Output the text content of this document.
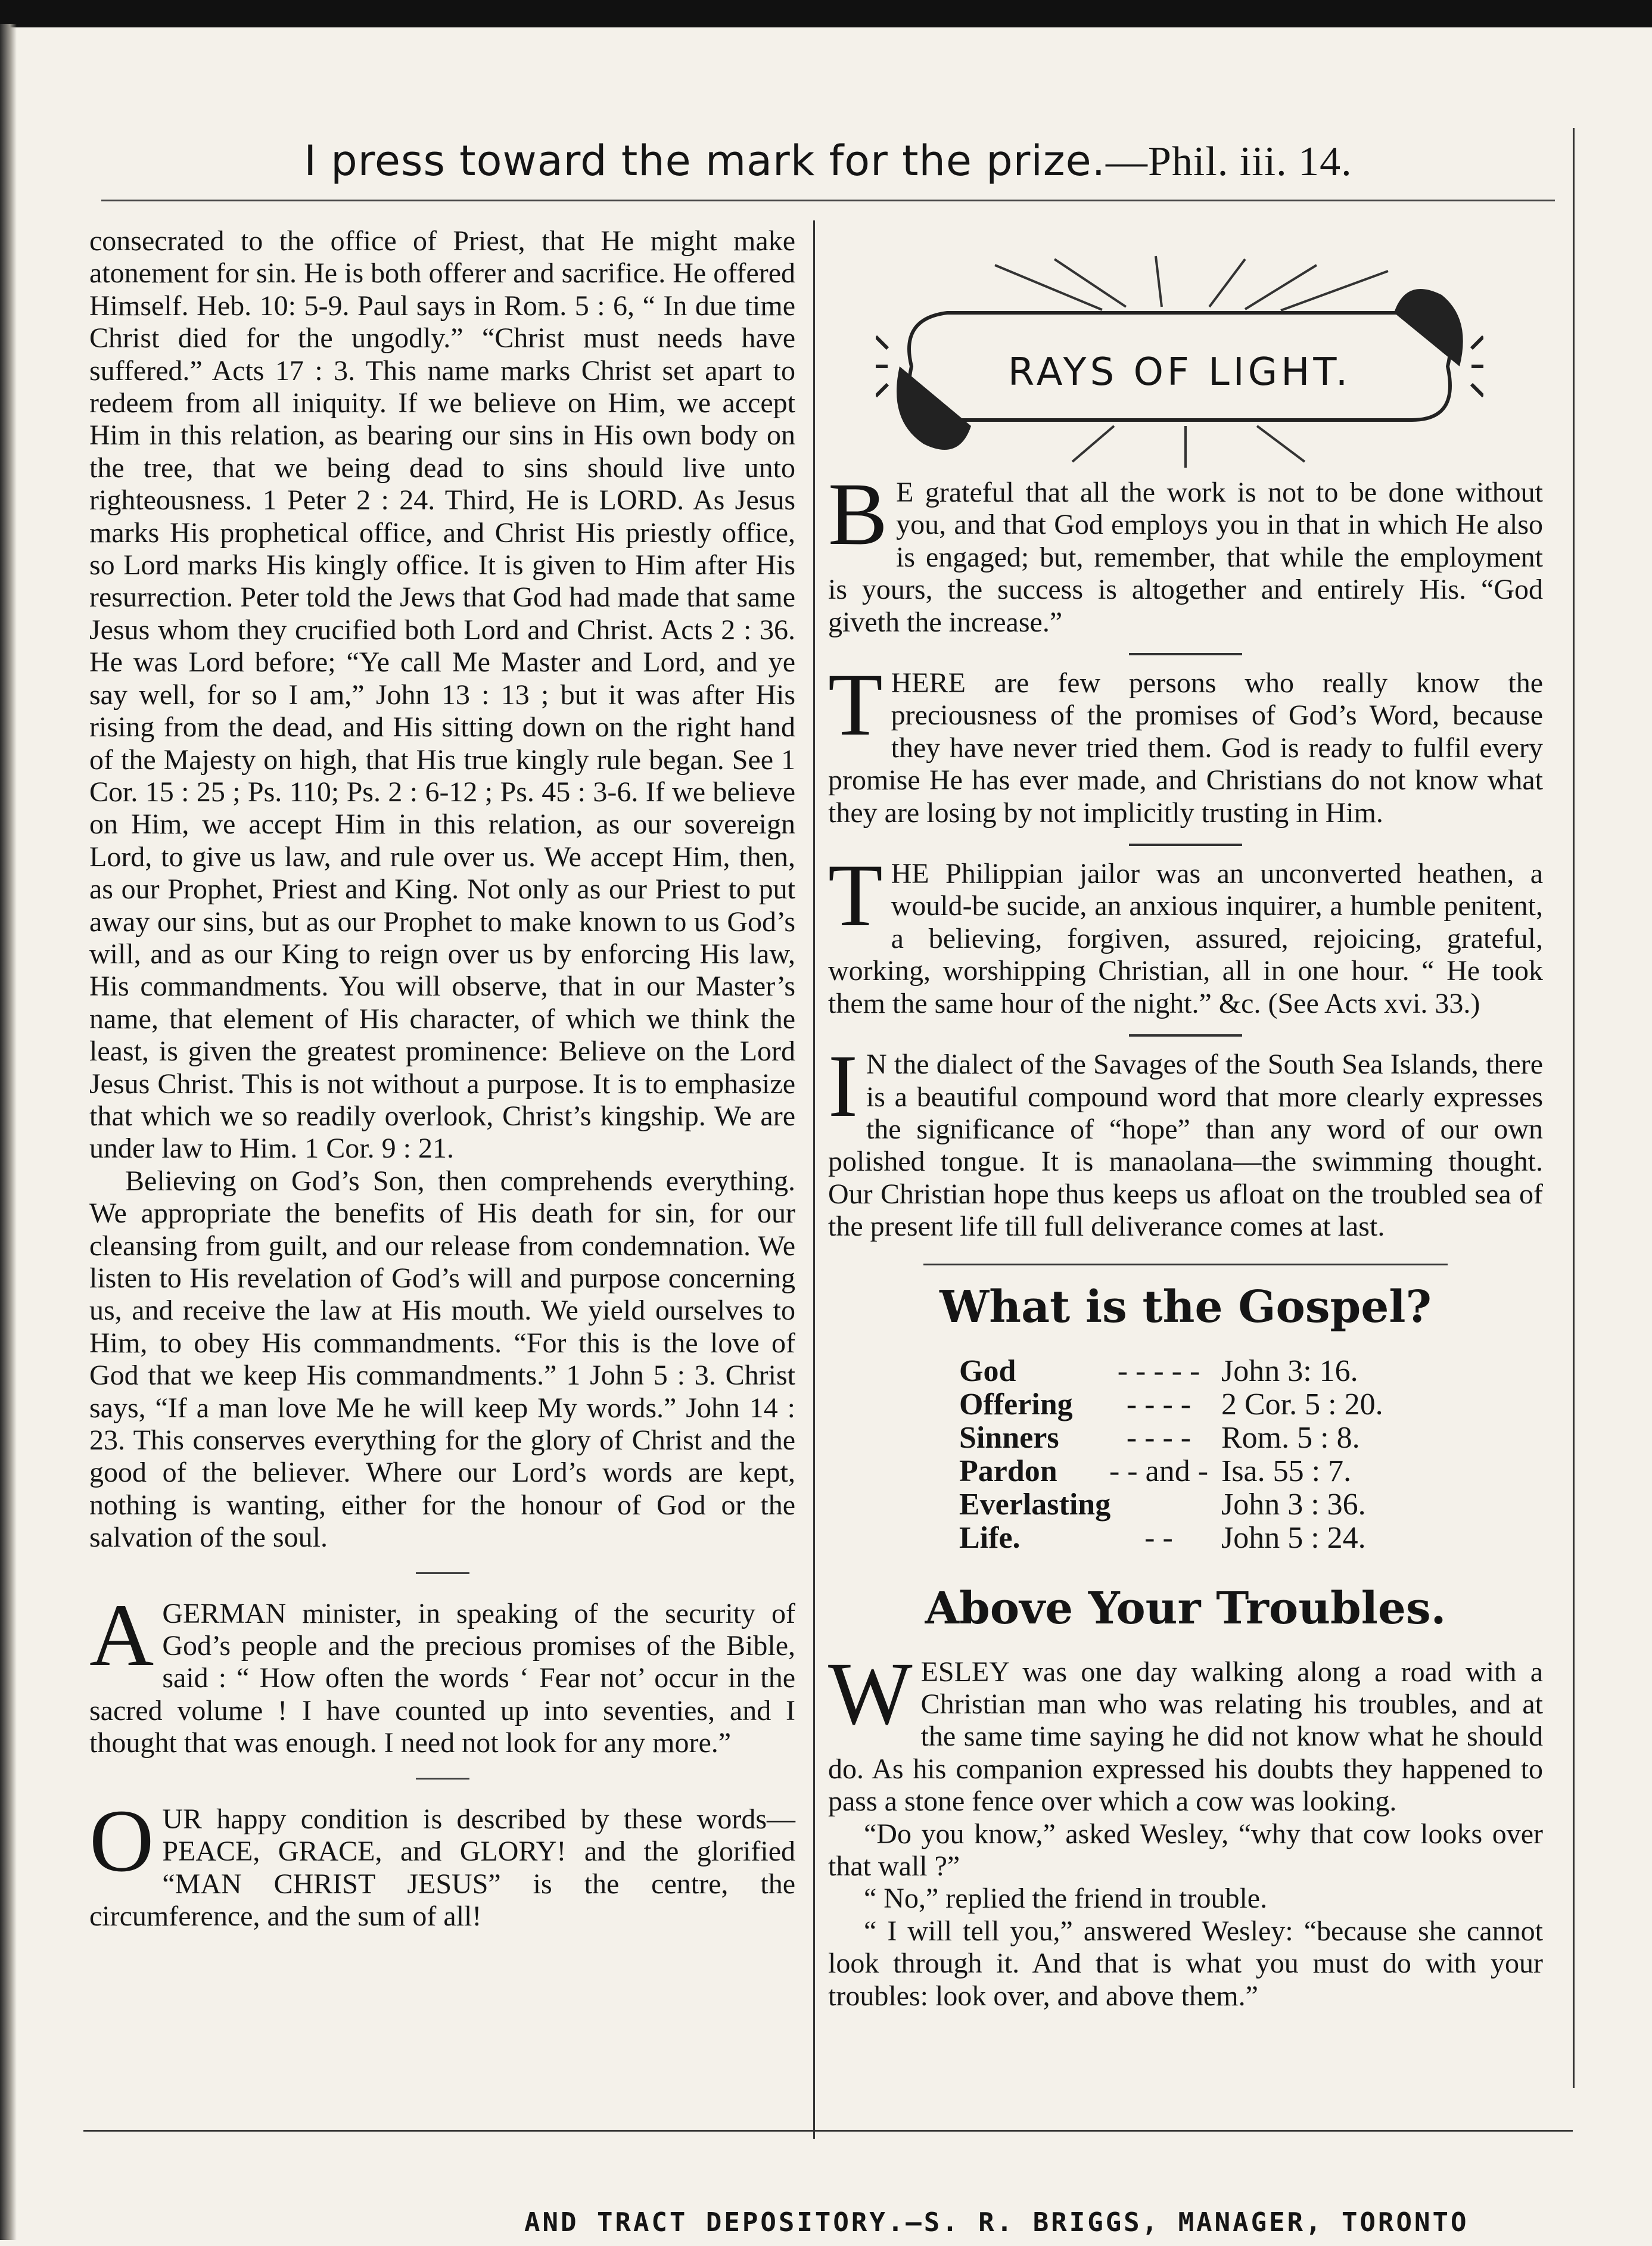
I press toward the mark for the prize.—Phil. iii. 14.

consecrated to the office of Priest, that He might make atonement for sin. He is both offerer and sacrifice. He offered Himself. Heb. 10: 5-9. Paul says in Rom. 5 : 6, “ In due time Christ died for the ungodly.” “Christ must needs have suffered.” Acts 17 : 3. This name marks Christ set apart to redeem from all iniquity. If we believe on Him, we accept Him in this relation, as bearing our sins in His own body on the tree, that we being dead to sins should live unto righteousness. 1 Peter 2 : 24. Third, He is LORD. As Jesus marks His prophetical office, and Christ His priestly office, so Lord marks His kingly office. It is given to Him after His resurrection. Peter told the Jews that God had made that same Jesus whom they crucified both Lord and Christ. Acts 2 : 36. He was Lord before; “Ye call Me Master and Lord, and ye say well, for so I am,” John 13 : 13 ; but it was after His rising from the dead, and His sitting down on the right hand of the Majesty on high, that His true kingly rule began. See 1 Cor. 15 : 25 ; Ps. 110; Ps. 2 : 6-12 ; Ps. 45 : 3-6. If we believe on Him, we accept Him in this relation, as our sovereign Lord, to give us law, and rule over us. We accept Him, then, as our Prophet, Priest and King. Not only as our Priest to put away our sins, but as our Prophet to make known to us God’s will, and as our King to reign over us by enforcing His law, His commandments. You will observe, that in our Master’s name, that element of His character, of which we think the least, is given the greatest prominence: Believe on the Lord Jesus Christ. This is not without a purpose. It is to emphasize that which we so readily overlook, Christ’s kingship. We are under law to Him. 1 Cor. 9 : 21.

Believing on God’s Son, then comprehends everything. We appropriate the benefits of His death for sin, for our cleansing from guilt, and our release from condemnation. We listen to His revelation of God’s will and purpose concerning us, and receive the law at His mouth. We yield ourselves to Him, to obey His commandments. “For this is the love of God that we keep His commandments.” 1 John 5 : 3. Christ says, “If a man love Me he will keep My words.” John 14 : 23. This conserves everything for the glory of Christ and the good of the believer. Where our Lord’s words are kept, nothing is wanting, either for the honour of God or the salvation of the soul.

AGERMAN minister, in speaking of the security of God’s people and the precious promises of the Bible, said : “ How often the words ‘ Fear not’ occur in the sacred volume ! I have counted up into seventies, and I thought that was enough. I need not look for any more.”

OUR happy condition is described by these words—PEACE, GRACE, and GLORY! and the glorified “MAN CHRIST JESUS” is the centre, the circumference, and the sum of all!

RAYS OF LIGHT.

B E grateful that all the work is not to be done without you, and that God employs you in that in which He also is engaged; but, remember, that while the employment is yours, the success is altogether and entirely His. “God giveth the increase.”

THERE are few persons who really know the preciousness of the promises of God’s Word, because they have never tried them. God is ready to fulfil every promise He has ever made, and Christians do not know what they are losing by not implicitly trusting in Him.

THE Philippian jailor was an unconverted heathen, a would-be sucide, an anxious inquirer, a humble penitent, a believing, forgiven, assured, rejoicing, grateful, working, worshipping Christian, all in one hour. “ He took them the same hour of the night.” &c. (See Acts xvi. 33.)

I N the dialect of the Savages of the South Sea Islands, there is a beautiful compound word that more clearly expresses the significance of “hope” than any word of our own polished tongue. It is manaolana—the swimming thought. Our Christian hope thus keeps us afloat on the troubled sea of the present life till full deliverance comes at last.

What is the Gospel?
God	- - - - - John 3: 16.
Offering	- - - - 2 Cor. 5 : 20.
Sinners	- - - - Rom. 5 : 8.
Pardon	- - and - Isa. 55 : 7.
Everlasting	John 3 : 36.
Life.	- -	John 5 : 24.
Above Your Troubles.

WESLEY was one day walking along a road with a Christian man who was relating his troubles, and at the same time saying he did not know what he should do. As his companion expressed his doubts they happened to pass a stone fence over which a cow was looking.

“Do you know,” asked Wesley, “why that cow looks over that wall ?”

“ No,” replied the friend in trouble.

“ I will tell you,” answered Wesley: “because she cannot look through it. And that is what you must do with your troubles: look over, and above them.”

AND TRACT DEPOSITORY.—S. R. BRIGGS, MANAGER, TORONTO
